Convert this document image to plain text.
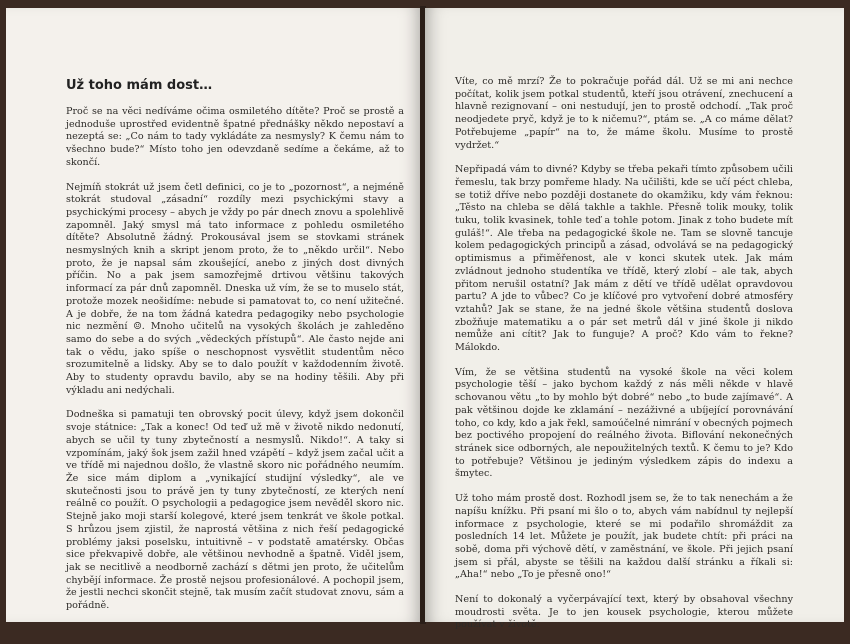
Už toho mám dost…

Proč se na věci nedíváme očima osmiletého dítěte? Proč se prostě a jednoduše uprostřed evidentně špatné přednášky někdo nepostaví a nezeptá se: „Co nám to tady vykládáte za nesmysly? K čemu nám to všechno bude?“ Místo toho jen odevzdaně sedíme a čekáme, až to skončí.

Nejmíň stokrát už jsem četl definici, co je to „pozornost“, a nejméně stokrát studoval „zásadní“ rozdíly mezi psychickými stavy a psychickými procesy – abych je vždy po pár dnech znovu a spolehlivě zapomněl. Jaký smysl má tato informace z pohledu osmiletého dítěte? Absolutně žádný. Prokousával jsem se stovkami stránek nesmyslných knih a skript jenom proto, že to „někdo určil“. Nebo proto, že je napsal sám zkoušející, anebo z jiných dost divných příčin. No a pak jsem samozřejmě drtivou většinu takových informací za pár dnů zapomněl. Dneska už vím, že se to muselo stát, protože mozek neošidíme: nebude si pamatovat to, co není užitečné. A je dobře, že na tom žádná katedra pedagogiky nebo psychologie nic nezmění ☺. Mnoho učitelů na vysokých školách je zahleděno samo do sebe a do svých „vědeckých přístupů“. Ale často nejde ani tak o vědu, jako spíše o neschopnost vysvětlit studentům něco srozumitelně a lidsky. Aby se to dalo použít v každodenním životě. Aby to studenty opravdu bavilo, aby se na hodiny těšili. Aby při výkladu ani nedýchali.

Dodneška si pamatuji ten obrovský pocit úlevy, když jsem dokončil svoje státnice: „Tak a konec! Od teď už mě v životě nikdo nedonutí, abych se učil ty tuny zbytečností a nesmyslů. Nikdo!“. A taky si vzpomínám, jaký šok jsem zažil hned vzápětí – když jsem začal učit a ve třídě mi najednou došlo, že vlastně skoro nic pořádného neumím. Že sice mám diplom a „vynikající studijní výsledky“, ale ve skutečnosti jsou to právě jen ty tuny zbytečností, ze kterých není reálně co použít. O psychologii a pedagogice jsem nevěděl skoro nic. Stejně jako moji starší kolegové, které jsem tenkrát ve škole potkal. S hrůzou jsem zjistil, že naprostá většina z nich řeší pedagogické problémy jaksi poselsku, intuitivně – v podstatě amatérsky. Občas sice překvapivě dobře, ale většinou nevhodně a špatně. Viděl jsem, jak se necitlivě a neodborně zachází s dětmi jen proto, že učitelům chybějí informace. Že prostě nejsou profesionálové. A pochopil jsem, že jestli nechci skončit stejně, tak musím začít studovat znovu, sám a pořádně.

Víte, co mě mrzí? Že to pokračuje pořád dál. Už se mi ani nechce počítat, kolik jsem potkal studentů, kteří jsou otrávení, znechucení a hlavně rezignovaní – oni nestudují, jen to prostě odchodí. „Tak proč neodjedete pryč, když je to k ničemu?“, ptám se. „A co máme dělat? Potřebujeme „papír“ na to, že máme školu. Musíme to prostě vydržet.“

Nepřipadá vám to divné? Kdyby se třeba pekaři tímto způsobem učili řemeslu, tak brzy pomřeme hlady. Na učilišti, kde se učí péct chleba, se totiž dříve nebo později dostanete do okamžiku, kdy vám řeknou: „Těsto na chleba se dělá takhle a takhle. Přesně tolik mouky, tolik tuku, tolik kvasinek, tohle teď a tohle potom. Jinak z toho budete mít guláš!“. Ale třeba na pedagogické škole ne. Tam se slovně tancuje kolem pedagogických principů a zásad, odvolává se na pedagogický optimismus a přiměřenost, ale v konci skutek utek. Jak mám zvládnout jednoho studentíka ve třídě, který zlobí – ale tak, abych přitom nerušil ostatní? Jak mám z dětí ve třídě udělat opravdovou partu? A jde to vůbec? Co je klíčové pro vytvoření dobré atmosféry vztahů? Jak se stane, že na jedné škole většina studentů doslova zbožňuje matematiku a o pár set metrů dál v jiné škole ji nikdo nemůže ani cítit? Jak to funguje? A proč? Kdo vám to řekne? Málokdo.

Vím, že se většina studentů na vysoké škole na věci kolem psychologie těší – jako bychom každý z nás měli někde v hlavě schovanou větu „to by mohlo být dobré“ nebo „to bude zajímavé“. A pak většinou dojde ke zklamání – nezáživné a ubíjející porovnávání toho, co kdy, kdo a jak řekl, samoúčelné nimrání v obecných pojmech bez poctivého propojení do reálného života. Biflování nekonečných stránek sice odborných, ale nepoužitelných textů. K čemu to je? Kdo to potřebuje? Většinou je jediným výsledkem zápis do indexu a šmytec.

Už toho mám prostě dost. Rozhodl jsem se, že to tak nenechám a že napíšu knížku. Při psaní mi šlo o to, abych vám nabídnul ty nejlepší informace z psychologie, které se mi podařilo shromáždit za posledních 14 let. Můžete je použít, jak budete chtít: při práci na sobě, doma při výchově dětí, v zaměstnání, ve škole. Při jejich psaní jsem si přál, abyste se těšili na každou další stránku a říkali si: „Aha!“ nebo „To je přesně ono!“

Není to dokonalý a vyčerpávající text, který by obsahoval všechny moudrosti světa. Je to jen kousek psychologie, kterou můžete používat v životě.
